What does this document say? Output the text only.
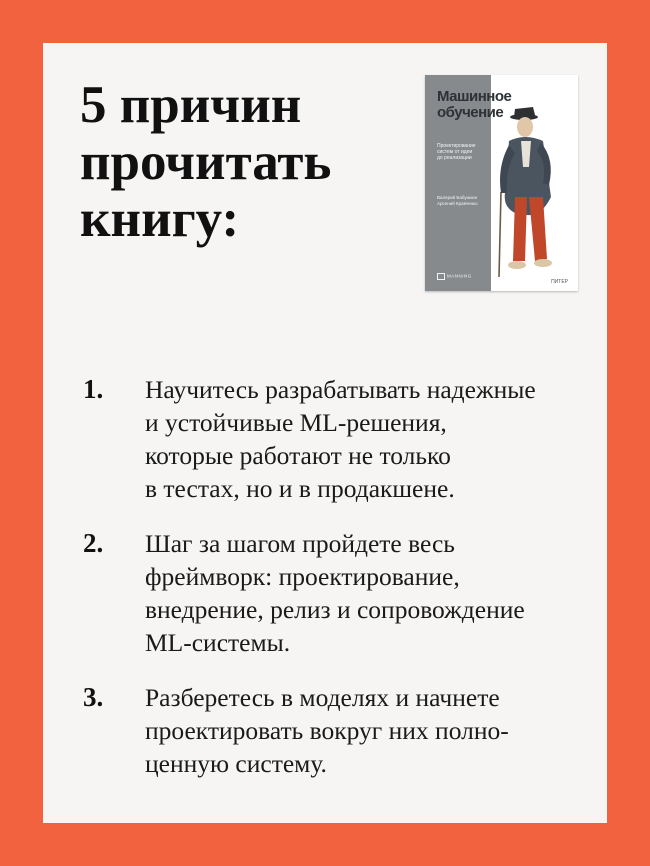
5 причин
прочитать
книгу:
Машинное
обучение
Проектирование
систем от идеи
до реализации
Валерий Бабушкин
Арсений Кравченко
MANNING
ПИТЕР
1. Научитесь разрабатывать надежные
и устойчивые ML-решения,
которые работают не только
в тестах, но и в продакшене.
2. Шаг за шагом пройдете весь
фреймворк: проектирование,
внедрение, релиз и сопровождение
ML-системы.
3. Разберетесь в моделях и начнете
проектировать вокруг них полно-
ценную систему.
